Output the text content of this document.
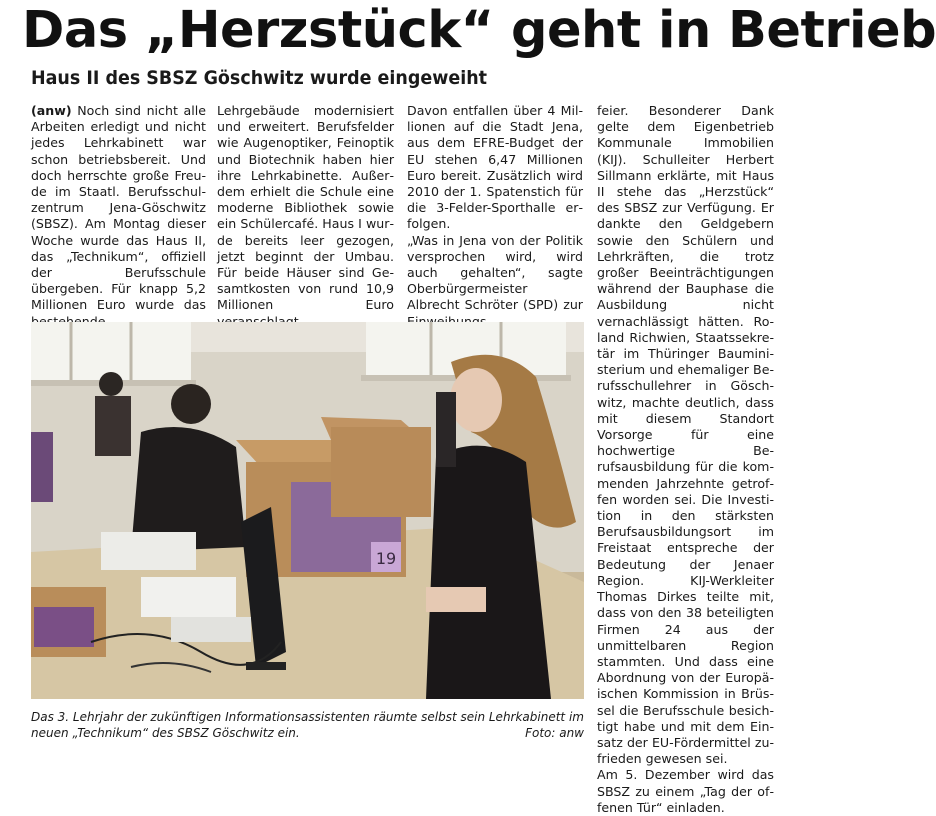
Das „Herzstück“ geht in Betrieb
Haus II des SBSZ Göschwitz wurde eingeweiht

(anw) Noch sind nicht alle Arbeiten erledigt und nicht jedes Lehrkabinett war schon betriebsbereit. Und doch herrschte große Freude im Staatl. Berufsschulzentrum Jena-Göschwitz (SBSZ). Am Montag dieser Woche wurde das Haus II, das „Technikum“, offiziell der Berufsschule übergeben. Für knapp 5,2 Millionen Euro wurde das

Lehrgebäude modernisiert und erweitert. Berufsfelder wie Augenoptiker, Feinoptik und Biotechnik haben hier ihre Lehrkabinette. Außerdem erhielt die Schule eine moderne Bibliothek sowie ein Schülercafé. Haus I wurde bereits leer gezogen, jetzt beginnt der Umbau. Für beide Häuser sind Gesamtkosten von rund 10,9 Millionen Euro

Davon entfallen über 4 Millionen auf die Stadt Jena, aus dem EFRE-Budget der EU stehen 6,47 Millionen Euro bereit. Zusätzlich wird 2010 der 1. Spatenstich für die 3-Felder-Sporthalle erfolgen.

„Was in Jena von der Politik versprochen wird, wird auch gehalten“, sagte Oberbürgermeister Albrecht Schröter (SPD) zur

feier. Besonderer Dank gelte dem Eigenbetrieb Kommunale Immobilien (KIJ). Schulleiter Herbert Sillmann erklärte, mit Haus II stehe das „Herzstück“ des SBSZ zur Verfügung. Er dankte den Geldgebern sowie den Schülern und Lehrkräften, die trotz großer Beeinträchtigungen während der Bauphase die Ausbildung nicht vernachlässigt hätten. Roland Richwien, Staatssekretär im Thüringer Bauministerium und ehemaliger Berufsschullehrer in Göschwitz, machte deutlich, dass mit diesem Standort Vorsorge für eine hochwertige Berufsausbildung für die kommenden Jahrzehnte getroffen worden sei. Die Investition in den stärksten Berufsausbildungsort im Freistaat entspreche der Bedeutung der Jenaer Region. KIJ-Werkleiter Thomas Dirkes teilte mit, dass von den 38 beteiligten Firmen 24 aus der unmittelbaren Region stammten. Und dass eine Abordnung von der Europäischen Kommission in Brüssel die Berufsschule besichtigt habe und mit dem Einsatz der EU-Fördermittel zufrieden gewesen sei.

Am 5. Dezember wird das SBSZ zu einem „Tag der offenen Tür“ einladen.

19
Das 3. Lehrjahr der zukünftigen Informationsassistenten räumte selbst sein Lehrkabinett im neuen „Technikum“ des SBSZ Göschwitz ein.	Foto: anw
